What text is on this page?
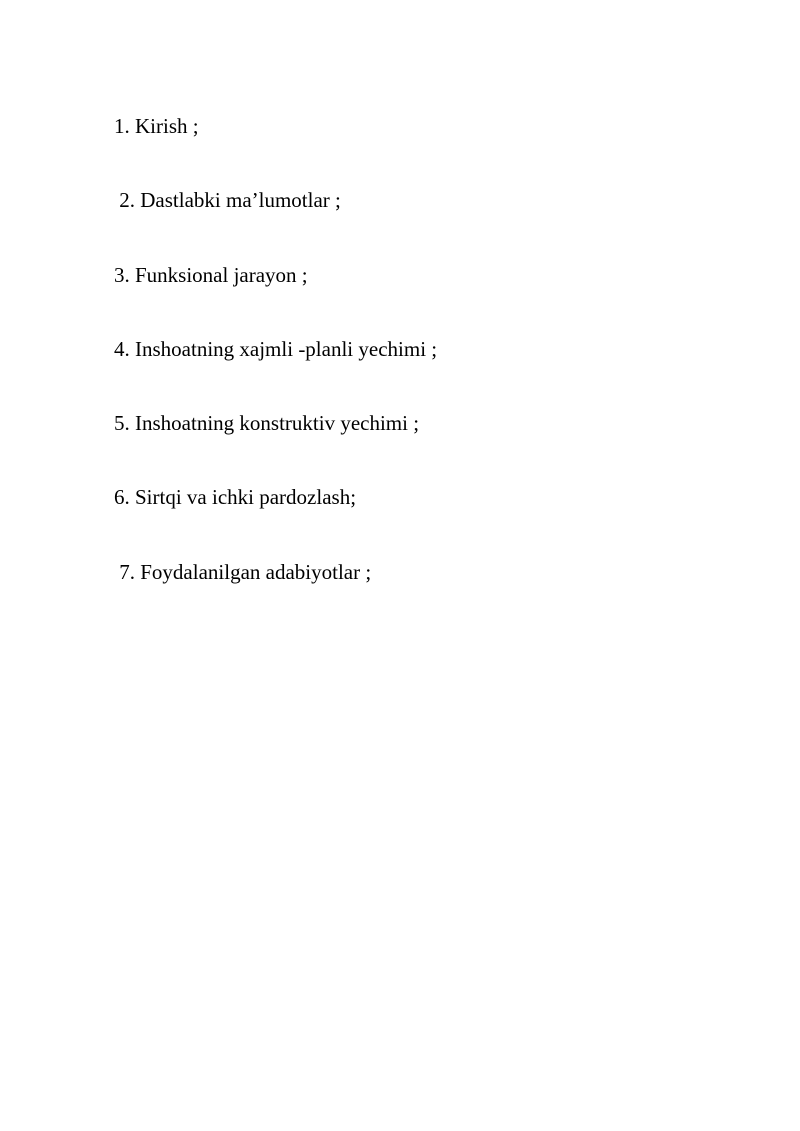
1. Kirish ;
2. Dastlabki ma’lumotlar ;
3. Funksional jarayon ;
4. Inshoatning xajmli -planli yechimi ;
5. Inshoatning konstruktiv yechimi ;
6. Sirtqi va ichki pardozlash;
7. Foydalanilgan adabiyotlar ;
